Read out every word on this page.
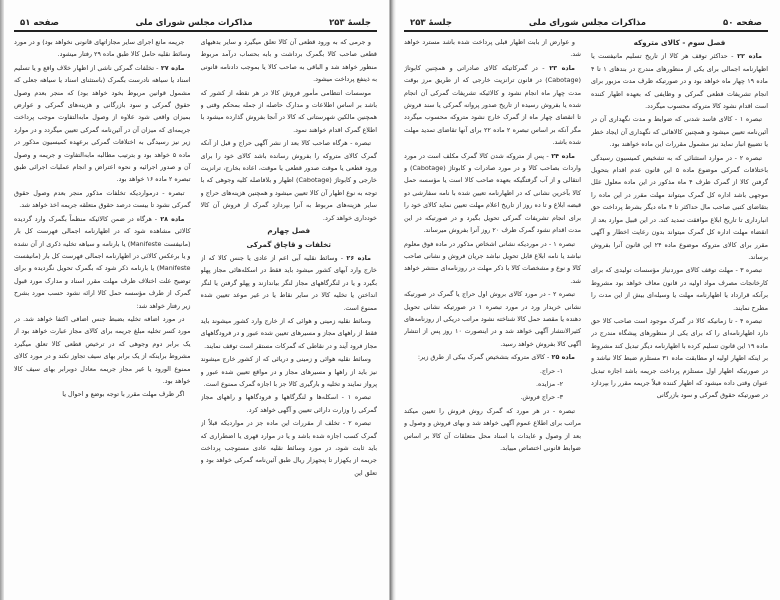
جلسهٔ ۲۵۳
مذاکرات مجلس شورای ملی
صفحه ۵۱

و جرمی که به ورود قطعی آن کالا تعلق میگیرد و سایر بدهیهای قطعی صاحب کالا بگمرک برداشت و بابه بحساب درآمد مربوط منظور خواهد شد و الباقی به صاحب کالا یا بموجب دادنامه قانونی به ذینفع پرداخت میشود.

موسسات انتظامی مأمور فروش کالا در هر نقطه از کشور که باشد بر اساس اطلاعات و مدارک حاصله از جمله بمحکم وقتی و همچنین مالکین شهرستانی که کالا در آنجا بفروش گذارده میشود با اطلاع گمرک اقدام خواهند نمود.

تبصره - هرگاه صاحب کالا بعد از نشر آگهی حراج و قبل از آنکه گمرک کالای متروکه را بفروش رسانده باشد کالای خود را برای ورود قطعی یا موقت صدور قطعی یا موقت، اعاده بخارج، ترانزیت خارجی و کابوتاژ (Cabotage) اظهار و بلافاصله کلیه وجوهی که با توجه به نوع اظهار آن کالا تعیین میشود و همچنین هزینه‌های حراج و سایر هزینه‌های مربوط به آنرا بپردازد گمرک از فروش آن کالا خودداری خواهد کرد.

فصل چهارم

تخلفات و قاچاق گمرکی

ماده ۲۶ - وسائط نقلیه آبی اعم از عادی یا جنس کالا که از خارج وارد آبهای کشور میشود باید فقط در اسکله‌هائی مجاز پهلو بگیرد و یا در لنگرگاههای مجاز لنگر بیاندازند و پهلو گرفتن یا لنگر انداختن یا تخلیه کالا در سایر نقاط یا در غیر موعد تعیین شده ممنوع است.

وسائط نقلیه زمینی و هوائی که از خارج وارد کشور میشوند باید فقط از راههای مجاز و مسیرهای تعیین شده عبور و در فرودگاههای مجاز فرود آیند و در نقاطی که گمرکات مستقر است توقف نمایند.

وسائط نقلیه هوائی و زمینی و دریائی که از کشور خارج میشوند نیز باید از راهها و مسیرهای مجاز و در مواقع تعیین شده عبور و پرواز نمایند و تخلیه و بارگیری کالا جز با اجازه گمرک ممنوع است.

تبصره ۱ - اسکله‌ها و لنگرگاهها و فرودگاهها و راههای مجاز گمرکی را وزارت دارائی تعیین و آگهی خواهد کرد.

تبصره ۲ - تخلف از مقررات این ماده جز در مواردیکه قبلاً از گمرک کسب اجازه شده باشد و یا در موارد قهری یا اضطراری که باید ثابت شود، در مورد وسائط نقلیه عادی مستوجب پرداخت جریمه از یکهزار تا پنجهزار ریال طبق آئین‌نامه گمرکی خواهد بود و تعلق این

جریمه مانع اجرای سایر مجازاتهای قانونی نخواهد بود) و در مورد وسائط نقلیه حامل کالا طبق ماده ۲۹ رفتار میشود.

ماده ۲۷ - تخلفات گمرکی ناشی از اظهار خلاف واقع و یا تسلیم اسناد یا سیاهه نادرست بگمرک (باستثنای اسناد یا سیاهه جعلی که مشمول قوانین مربوط بخود خواهد بود) که منجر بعدم وصول حقوق گمرکی و سود بازرگانی و هزینه‌های گمرکی و عوارض بمیزان واقعی شود علاوه از وصول مابه‌التفاوت موجب پرداخت جریمه‌ای که میزان آن در آئین‌نامه گمرکی تعیین میگردد و در موارد زیر نیز رسیدگی به اختلافات گمرکی برعهده کمیسیون مذکور در ماده ۵ خواهد بود و بترتیب مطالبه مابه‌التفاوت و جریمه و وصول آن و صدور اجرائیه و نحوه اعتراض و انجام عملیات اجرائی طبق تبصره ۲ ماده ۱۶ خواهد بود.

تبصره - درمواردیکه تخلفات مذکور منجر بعدم وصول حقوق گمرکی نشود تا بیست درصد حقوق متعلقه جریمه اخذ خواهد شد.

ماده ۲۸ - هرگاه در ضمن کالائیکه منظماً بگمرک وارد گردیده کالائی مشاهده شود که در اظهارنامه اجمالی فهرست کل بار (مانیفست Manifeste) یا بارنامه و سیاهه تخلیه ذکری از آن نشده و یا برعکس کالائی در اظهارنامه اجمالی فهرست کل بار (مانیفست Manifeste) یا بارنامه ذکر شود که بگمرک تحویل نگردیده و برای توضیح علت اختلاف ظرف مهلت مقرر اسناد و مدارک مورد قبول گمرک از طرف مؤسسه حمل کالا ارائه نشود حسب مورد بشرح زیر رفتار خواهد شد:

در مورد اضافه تخلیه بضبط جنس اضافی اکتفا خواهد شد. در مورد کسر تخلیه مبلغ جریمه برای کالای مجاز عبارت خواهد بود از یک برابر دوم وجوهی که در ترخیص قطعی کالا تعلق میگیرد مشروط براینکه از یک برابر بهای سیف تجاوز نکند و در مورد کالای ممنوع الورود یا غیر مجاز جریمه معادل دوبرابر بهای سیف کالا خواهد بود.

اگر ظرف مهلت مقرر با توجه بوضع و احوال یا

صفحه ۵۰
مذاکرات مجلس شورای ملی
جلسهٔ ۲۵۳

فصل سوم - کالای متروکه

ماده ۲۲ - حداکثر توقف هر کالا از تاریخ تسلیم مانیفست یا اظهارنامه اجمالی برای یکی از منظورهای مندرج در بندهای ۱ تا ۴ ماده ۱۹ چهار ماه خواهد بود و در صورتیکه ظرف مدت مزبور برای انجام تشریفات قطعی گمرکی و وظایفی که بعهده اظهار کننده است اقدام نشود کالا متروکه محسوب میگردد.

تبصره ۱ - کالای فاسد شدنی که ضوابط و مدت نگهداری آن در آئین‌نامه تعیین میشود و همچنین کالاهائی که نگهداری آن ایجاد خطر یا تضییع انبار نماید نیز مشمول مقررات این ماده خواهند بود.

تبصره ۲ - در موارد استثنائی که به تشخیص کمیسیون رسیدگی باختلافات گمرکی موضوع ماده ۵ این قانون عدم اقدام بتحویل گرفتن کالا از گمرک ظرف ۴ ماه مذکور در این ماده معلول علل موجهی باشد اداره کل گمرک میتواند مهلت مقرر در این ماده را بتقاضای کتبی صاحب مال حداکثر تا ۴ ماه دیگر بشرط پرداخت حق انبارداری تا تاریخ ابلاغ موافقت تمدید کند. در این قبیل موارد بعد از انقضاء مهلت اداره کل گمرک میتواند بدون رعایت اخطار و آگهی مقرر برای کالای متروکه موضوع ماده ۲۴ این قانون آنرا بفروش برساند.

تبصره ۳ - مهلت توقف کالای موردنیاز مؤسسات تولیدی که برای کارخانجات مصرف مواد اولیه در قانون معاف خواهد بود مشروط برآنکه قرارداد یا اظهارنامه مهلت یا وسیله‌ای بیش از این مدت را مطرح نمایند.

تبصره ۴ - تا زمانیکه کالا در گمرک موجود است صاحب کالا حق دارد اظهارنامه‌ای را که برای یکی از منظورهای پیشگاه مندرج در ماده ۱۹ این قانون تسلیم کرده با اظهارنامه دیگر تبدیل کند مشروط بر اینکه اظهار اولیه او مطابقت ماده ۳۱ مستلزم ضبط کالا نباشد و در صورتیکه اظهار اول مستلزم پرداخت جریمه باشد اجازه تبدیل عنوان وقتی داده میشود که اظهار کننده قبلاً جریمه مقرر را بپردازد در صورتیکه حقوق گمرکی و سود بازرگانی

و عوارض از بابت اظهار قبلی پرداخت شده باشد مسترد خواهد شد.

ماده ۲۳ - در گمرکاتیکه کالای صادراتی و همچنین کابوتاژ (Cabotage) در قانون ترانزیت خارجی که از طریق مرز بوقت مدت چهار ماه انجام نشود و کالائیکه تشریفات گمرکی آن انجام شده یا بفروش رسیده از تاریخ صدور پروانه گمرکی یا سند فروش تا انقضای چهار ماه از گمرک خارج نشود متروکه محسوب میگردد مگر آنکه بر اساس تبصره ۲ ماده ۲۲ برای آنها تقاضای تمدید مهلت شده باشد.

ماده ۲۴ - پس از متروکه شدن کالا گمرک مکلف است در مورد واردات بصاحب کالا و در مورد صادرات و کابوتاژ (Cabotage) و انتقالی و از آب گرفتگیکه بعهده صاحب کالا است یا مؤسسه حمل کالا بآخرین نشانی که در اظهارنامه تعیین شده با نامه سفارشی دو قبضه ابلاغ و تا ده روز از تاریخ اعلام مهلت تعیین نماید کالای خود را برای انجام تشریفات گمرکی تحویل بگیرد و در صورتیکه در این مدت اقدام نشود گمرک ظرف ۲۰ روز آنرا بفروش میرساند.

تبصره ۱ - در موردیکه نشانی اشخاص مذکور در ماده فوق معلوم نباشد یا نامه ابلاغ قابل تحویل نباشد جریان فروش و نشانی صاحب کالا و نوع و مشخصات کالا با ذکر مهلت در روزنامه‌ای منتشر خواهد شد.

تبصره ۲ - در مورد کالای بروش اول حراج یا گمرک در صورتیکه نشانی خریدار ورد در مورد تبصره ۱ در صورتیکه نشانی تحویل دهنده یا مقصد حمل کالا شناخته نشود مراتب دریکی از روزنامه‌های کثیرالانتشار آگهی خواهد شد و در اینصورت ۱۰ روز پس از انتشار آگهی کالا بفروش خواهد رسید.

ماده ۲۵ - کالای متروکه بتشخیص گمرک بیکی از طرق زیر:

۱- حراج.

۲- مزایده.

۳- حراج فروش.

تبصره - در هر مورد که گمرک روش فروش را تعیین میکند مراتب برای اطلاع عموم آگهی خواهد شد و بهای فروش و وصول و بعد از وصول و عایدات با اسناد محل متعلقات آن کالا بر اساس ضوابط قانونی اختصاص مییابد.
